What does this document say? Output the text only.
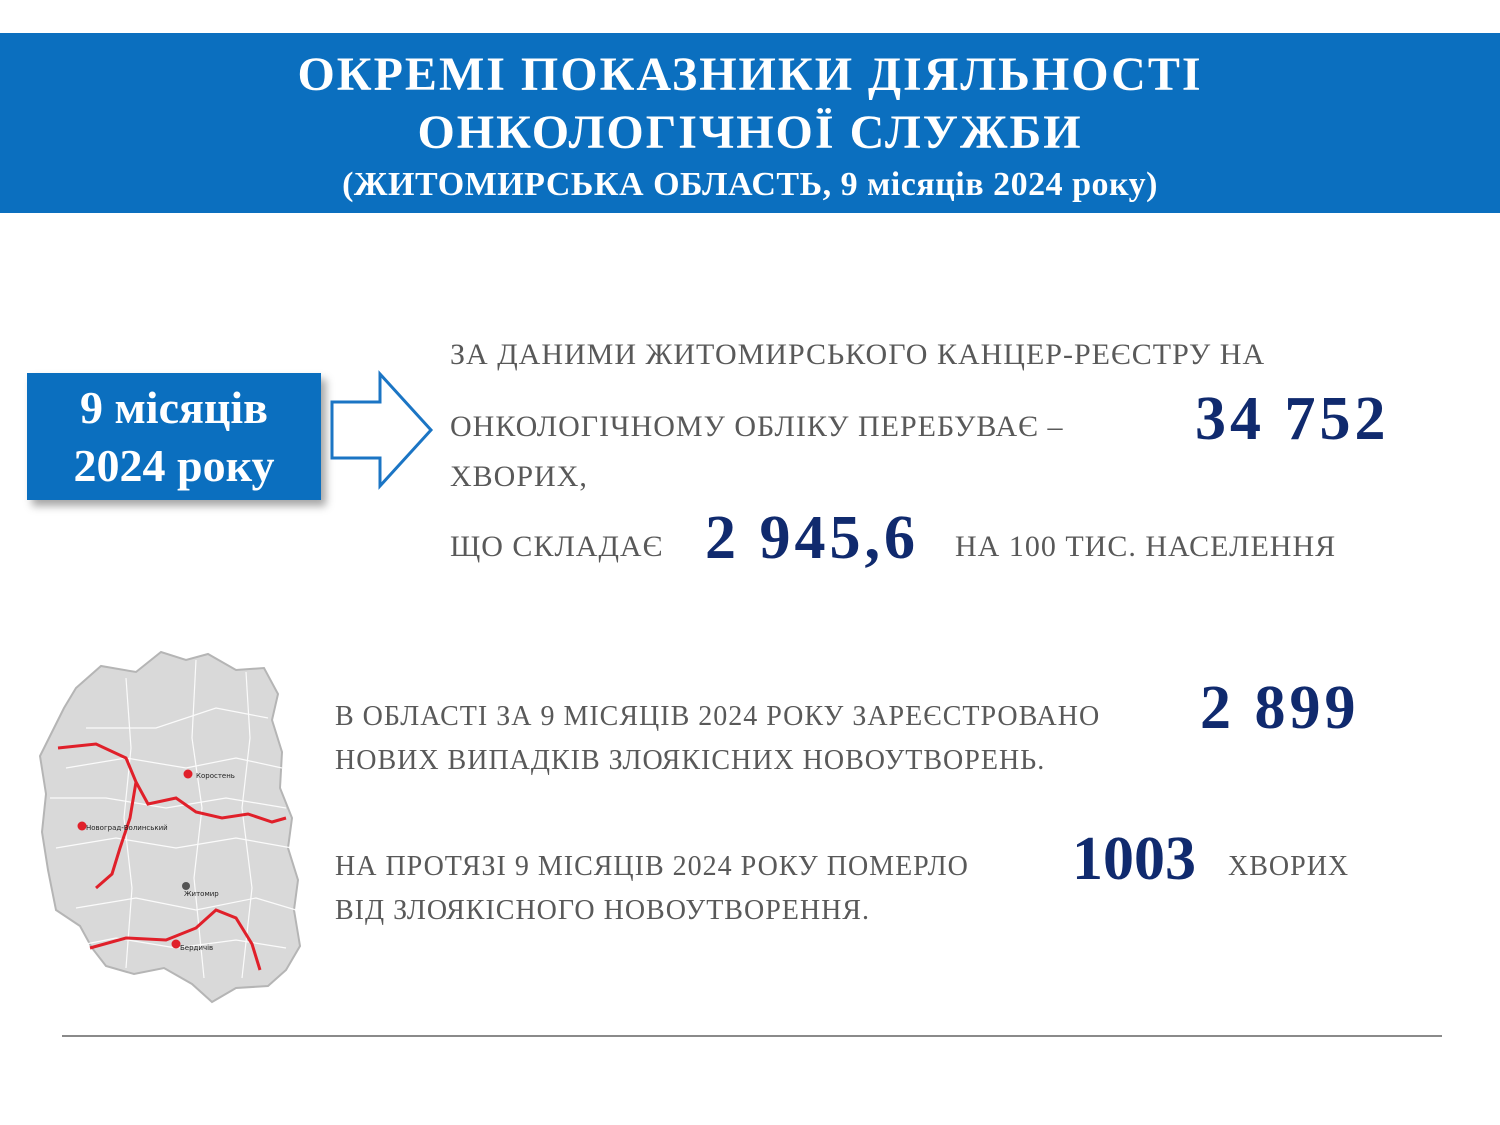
ОКРЕМІ ПОКАЗНИКИ ДІЯЛЬНОСТІ
ОНКОЛОГІЧНОЇ СЛУЖБИ
(ЖИТОМИРСЬКА ОБЛАСТЬ, 9 місяців 2024 року)
9 місяців
2024 року
ЗА ДАНИМИ ЖИТОМИРСЬКОГО КАНЦЕР-РЕЄСТРУ НА
ОНКОЛОГІЧНОМУ ОБЛІКУ ПЕРЕБУВАЄ – 34 752
ХВОРИХ,
ЩО СКЛАДАЄ 2 945,6 НА 100 ТИС. НАСЕЛЕННЯ
В ОБЛАСТІ ЗА 9 МІСЯЦІВ 2024 РОКУ ЗАРЕЄСТРОВАНО 2 899
НОВИХ ВИПАДКІВ ЗЛОЯКІСНИХ НОВОУТВОРЕНЬ.
НА ПРОТЯЗІ 9 МІСЯЦІВ 2024 РОКУ ПОМЕРЛО 1003 ХВОРИХ
ВІД ЗЛОЯКІСНОГО НОВОУТВОРЕННЯ.
Коростень
Новоград-Волинський
Житомир
Бердичів
